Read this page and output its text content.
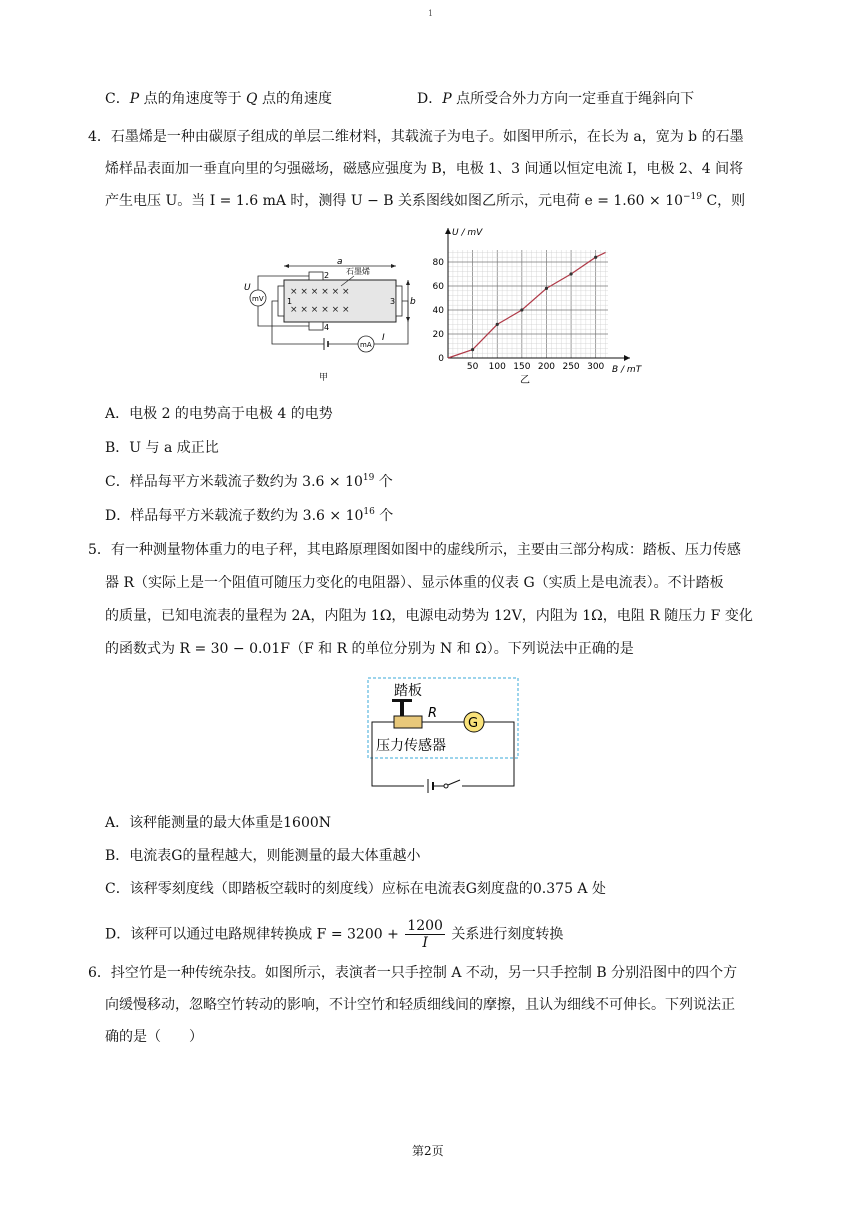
1
C．P 点的角速度等于 Q 点的角速度	D．P 点所受合外力方向一定垂直于绳斜向下
4．石墨烯是一种由碳原子组成的单层二维材料，其载流子为电子。如图甲所示，在长为 a，宽为 b 的石墨
烯样品表面加一垂直向里的匀强磁场，磁感应强度为 B，电极 1、3 间通以恒定电流 I，电极 2、4 间将
产生电压 U。当 I = 1.6 mA 时，测得 U − B 关系图线如图乙所示，元电荷 $e = 1.60 \times 10^{-19}$ C，则
a
× × × × × ×
× × × × × ×
2
4
1	3
石墨烯
b
mV
U
mA
I
甲
50 100 150 200 250 300
0
20
40
60
80
B / mT
U / mV
乙
A．电极 2 的电势高于电极 4 的电势
B．U 与 a 成正比
C．样品每平方米载流子数约为 $3.6 \times 10^{19}$ 个
D．样品每平方米载流子数约为 $3.6 \times 10^{16}$ 个
5．有一种测量物体重力的电子秤，其电路原理图如图中的虚线所示，主要由三部分构成：踏板、压力传感
器 R（实际上是一个阻值可随压力变化的电阻器）、显示体重的仪表 G（实质上是电流表）。不计踏板
的质量，已知电流表的量程为 2A，内阻为 1Ω，电源电动势为 12V，内阻为 1Ω，电阻 R 随压力 F 变化
的函数式为 R = 30 − 0.01F（F 和 R 的单位分别为 N 和 Ω）。下列说法中正确的是
踏板
R
G
压力传感器
A．该秤能测量的最大体重是1600N
B．电流表G的量程越大，则能测量的最大体重越小
C．该秤零刻度线（即踏板空载时的刻度线）应标在电流表G刻度盘的0.375 A 处
D．该秤可以通过电路规律转换成 $F = 3200 + \frac{1200}{I}$ 关系进行刻度转换
6．抖空竹是一种传统杂技。如图所示，表演者一只手控制 A 不动，另一只手控制 B 分别沿图中的四个方
向缓慢移动，忽略空竹转动的影响，不计空竹和轻质细线间的摩擦，且认为细线不可伸长。下列说法正
确的是（　　）
第2页
